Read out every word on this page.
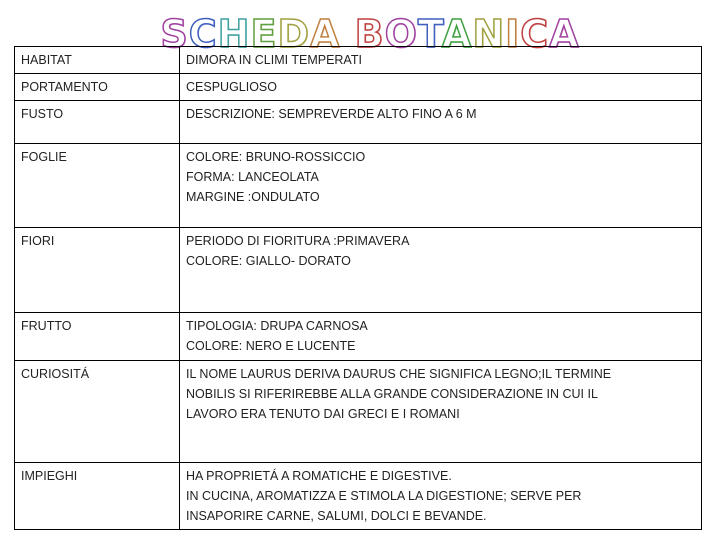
SCHEDA BOTANICA
HABITAT	DIMORA IN CLIMI TEMPERATI

PORTAMENTO	CESPUGLIOSO

FUSTO	DESCRIZIONE: SEMPREVERDE ALTO FINO A 6 M

FOGLIE	COLORE: BRUNO-ROSSICCIO
FORMA: LANCEOLATA
MARGINE :ONDULATO

FIORI	PERIODO DI FIORITURA :PRIMAVERA
COLORE: GIALLO- DORATO

FRUTTO	TIPOLOGIA: DRUPA CARNOSA
COLORE: NERO E LUCENTE

CURIOSITÁ	IL NOME LAURUS DERIVA DAURUS CHE SIGNIFICA LEGNO;IL TERMINE
NOBILIS SI RIFERIREBBE ALLA GRANDE CONSIDERAZIONE IN CUI IL
LAVORO ERA TENUTO DAI GRECI E I ROMANI

IMPIEGHI	HA PROPRIETÁ A ROMATICHE E DIGESTIVE.
IN CUCINA, AROMATIZZA E STIMOLA LA DIGESTIONE; SERVE PER
INSAPORIRE CARNE, SALUMI, DOLCI E BEVANDE.
